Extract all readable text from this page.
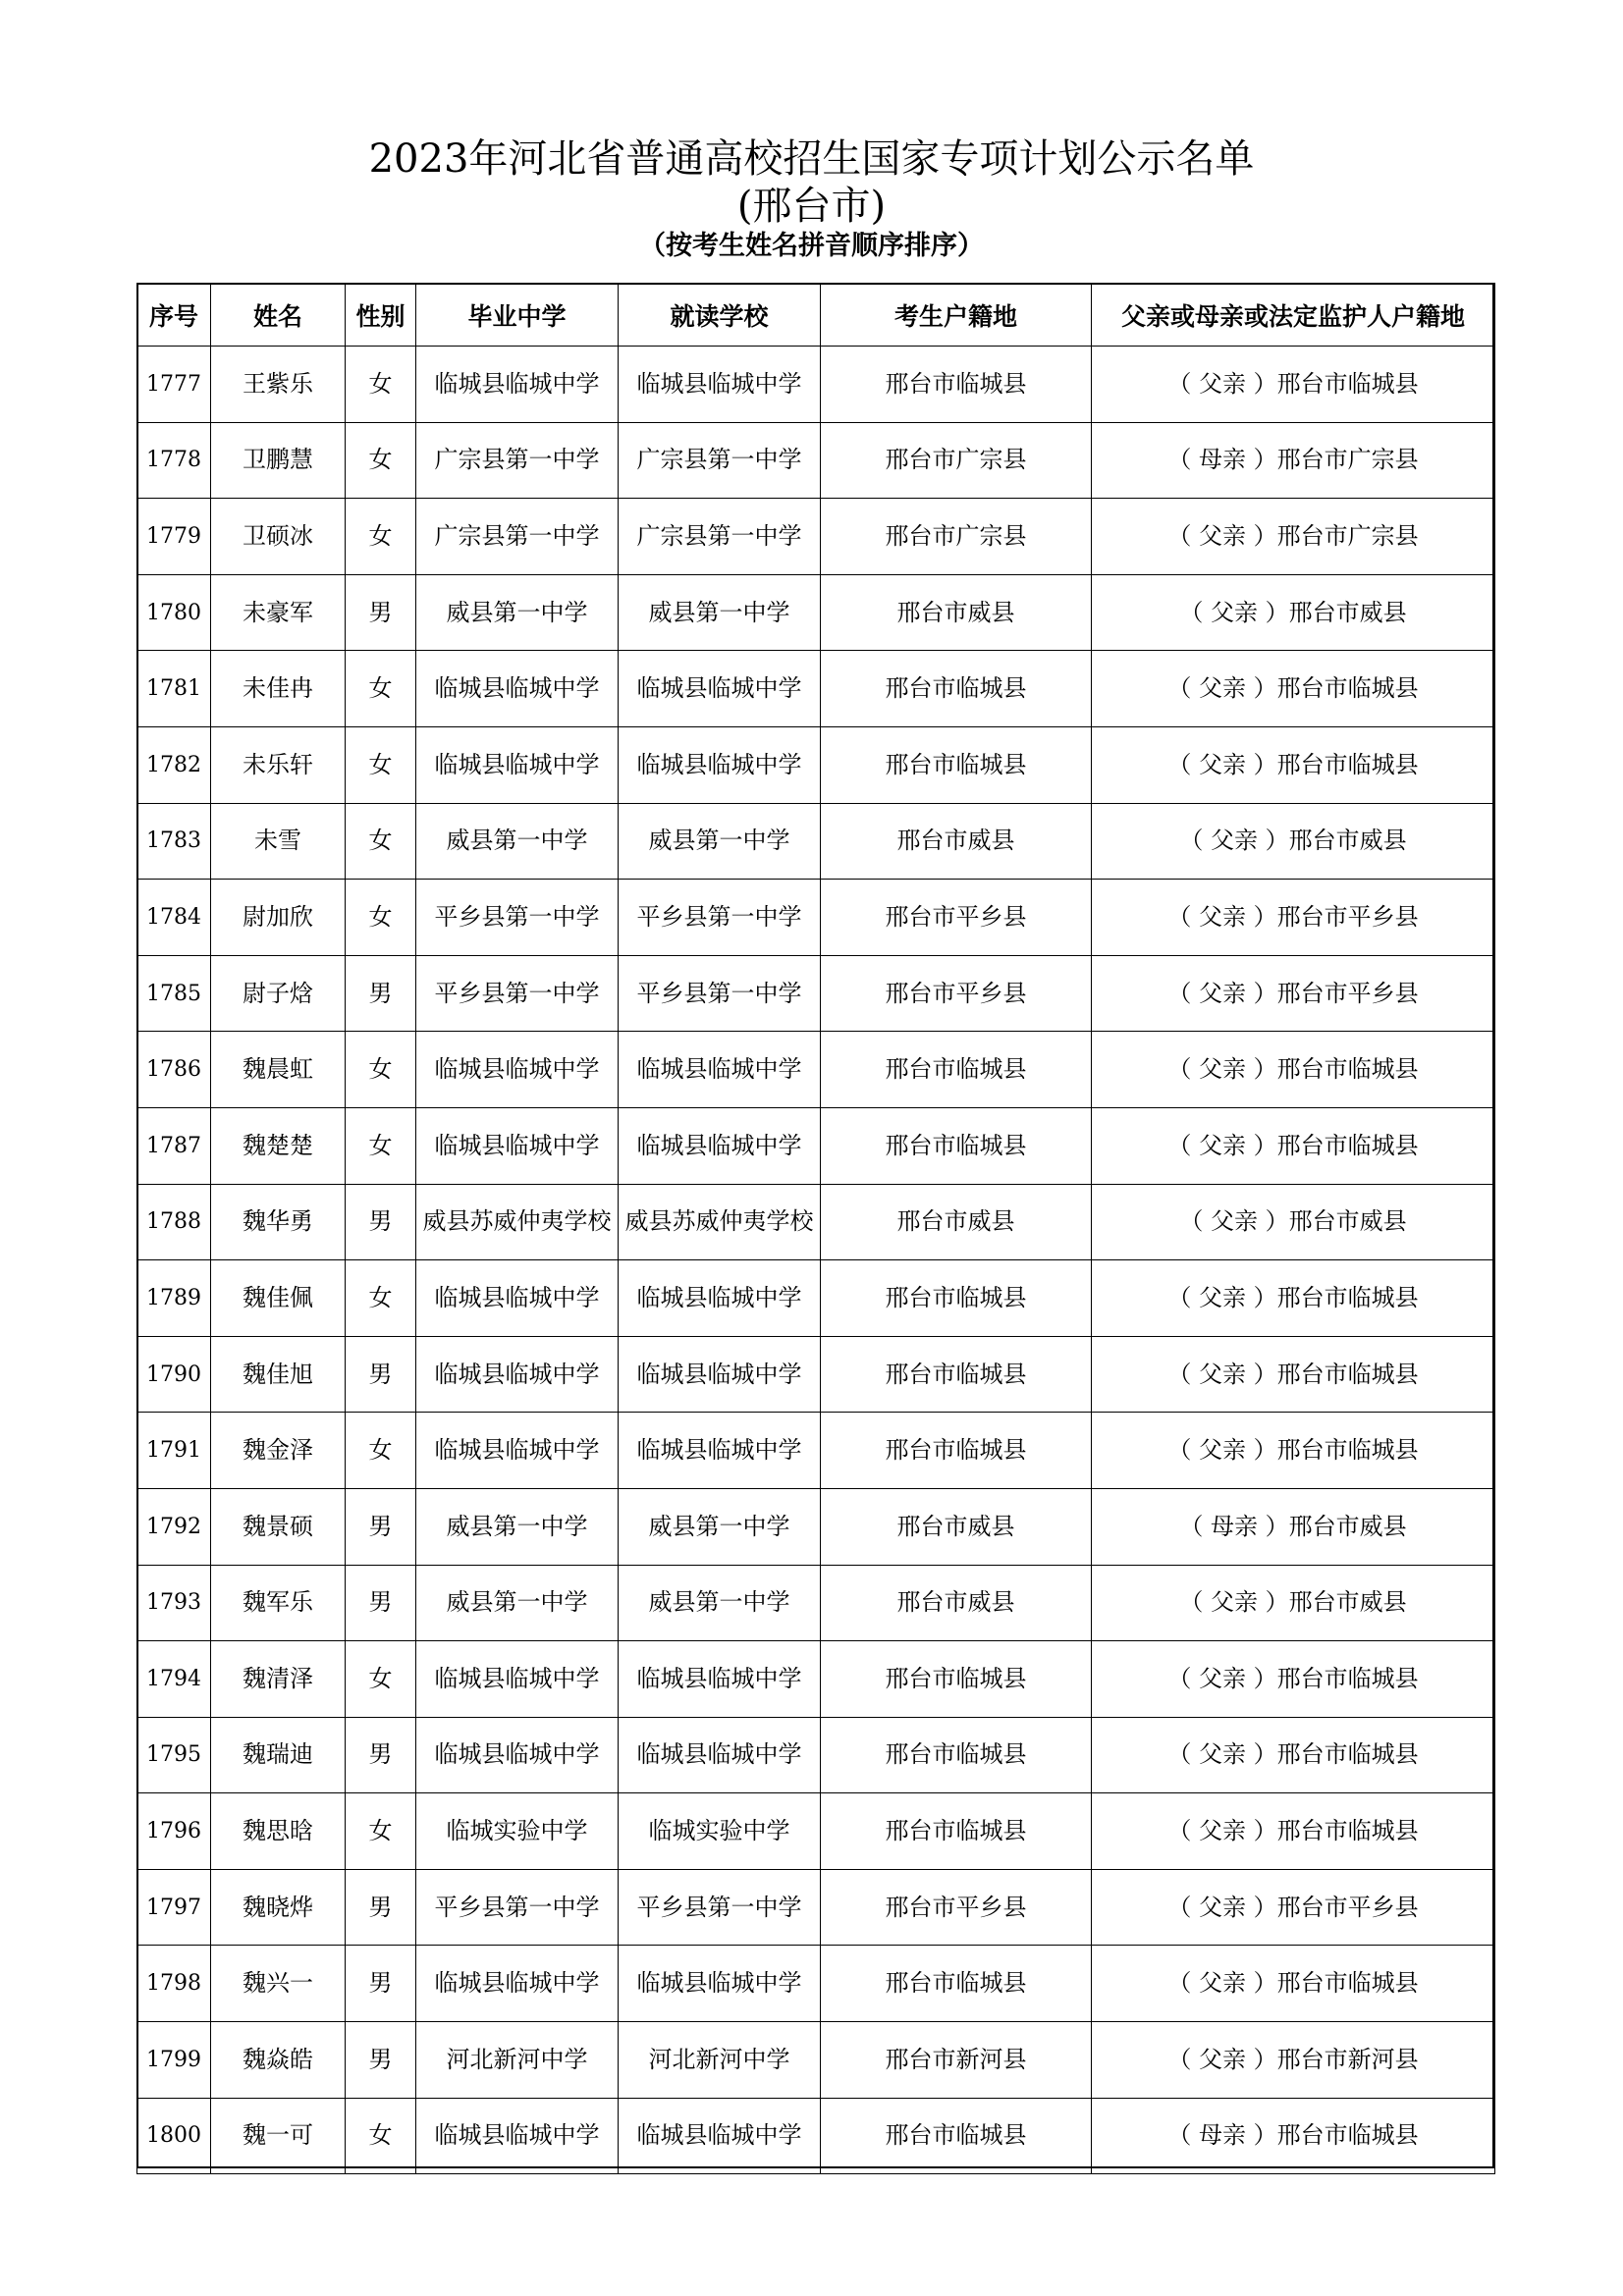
2023年河北省普通高校招生国家专项计划公示名单
(邢台市)
（按考生姓名拼音顺序排序）
序号	姓名	性别	毕业中学	就读学校	考生户籍地	父亲或母亲或法定监护人户籍地
1777	王紫乐	女	临城县临城中学	临城县临城中学	邢台市临城县	（ 父亲 ）邢台市临城县
1778	卫鹏慧	女	广宗县第一中学	广宗县第一中学	邢台市广宗县	（ 母亲 ）邢台市广宗县
1779	卫硕冰	女	广宗县第一中学	广宗县第一中学	邢台市广宗县	（ 父亲 ）邢台市广宗县
1780	未豪军	男	威县第一中学	威县第一中学	邢台市威县	（ 父亲 ）邢台市威县
1781	未佳冉	女	临城县临城中学	临城县临城中学	邢台市临城县	（ 父亲 ）邢台市临城县
1782	未乐轩	女	临城县临城中学	临城县临城中学	邢台市临城县	（ 父亲 ）邢台市临城县
1783	未雪	女	威县第一中学	威县第一中学	邢台市威县	（ 父亲 ）邢台市威县
1784	尉加欣	女	平乡县第一中学	平乡县第一中学	邢台市平乡县	（ 父亲 ）邢台市平乡县
1785	尉子焓	男	平乡县第一中学	平乡县第一中学	邢台市平乡县	（ 父亲 ）邢台市平乡县
1786	魏晨虹	女	临城县临城中学	临城县临城中学	邢台市临城县	（ 父亲 ）邢台市临城县
1787	魏楚楚	女	临城县临城中学	临城县临城中学	邢台市临城县	（ 父亲 ）邢台市临城县
1788	魏华勇	男	威县苏威仲夷学校	威县苏威仲夷学校	邢台市威县	（ 父亲 ）邢台市威县
1789	魏佳佩	女	临城县临城中学	临城县临城中学	邢台市临城县	（ 父亲 ）邢台市临城县
1790	魏佳旭	男	临城县临城中学	临城县临城中学	邢台市临城县	（ 父亲 ）邢台市临城县
1791	魏金泽	女	临城县临城中学	临城县临城中学	邢台市临城县	（ 父亲 ）邢台市临城县
1792	魏景硕	男	威县第一中学	威县第一中学	邢台市威县	（ 母亲 ）邢台市威县
1793	魏军乐	男	威县第一中学	威县第一中学	邢台市威县	（ 父亲 ）邢台市威县
1794	魏清泽	女	临城县临城中学	临城县临城中学	邢台市临城县	（ 父亲 ）邢台市临城县
1795	魏瑞迪	男	临城县临城中学	临城县临城中学	邢台市临城县	（ 父亲 ）邢台市临城县
1796	魏思晗	女	临城实验中学	临城实验中学	邢台市临城县	（ 父亲 ）邢台市临城县
1797	魏晓烨	男	平乡县第一中学	平乡县第一中学	邢台市平乡县	（ 父亲 ）邢台市平乡县
1798	魏兴一	男	临城县临城中学	临城县临城中学	邢台市临城县	（ 父亲 ）邢台市临城县
1799	魏焱皓	男	河北新河中学	河北新河中学	邢台市新河县	（ 父亲 ）邢台市新河县
1800	魏一可	女	临城县临城中学	临城县临城中学	邢台市临城县	（ 母亲 ）邢台市临城县
